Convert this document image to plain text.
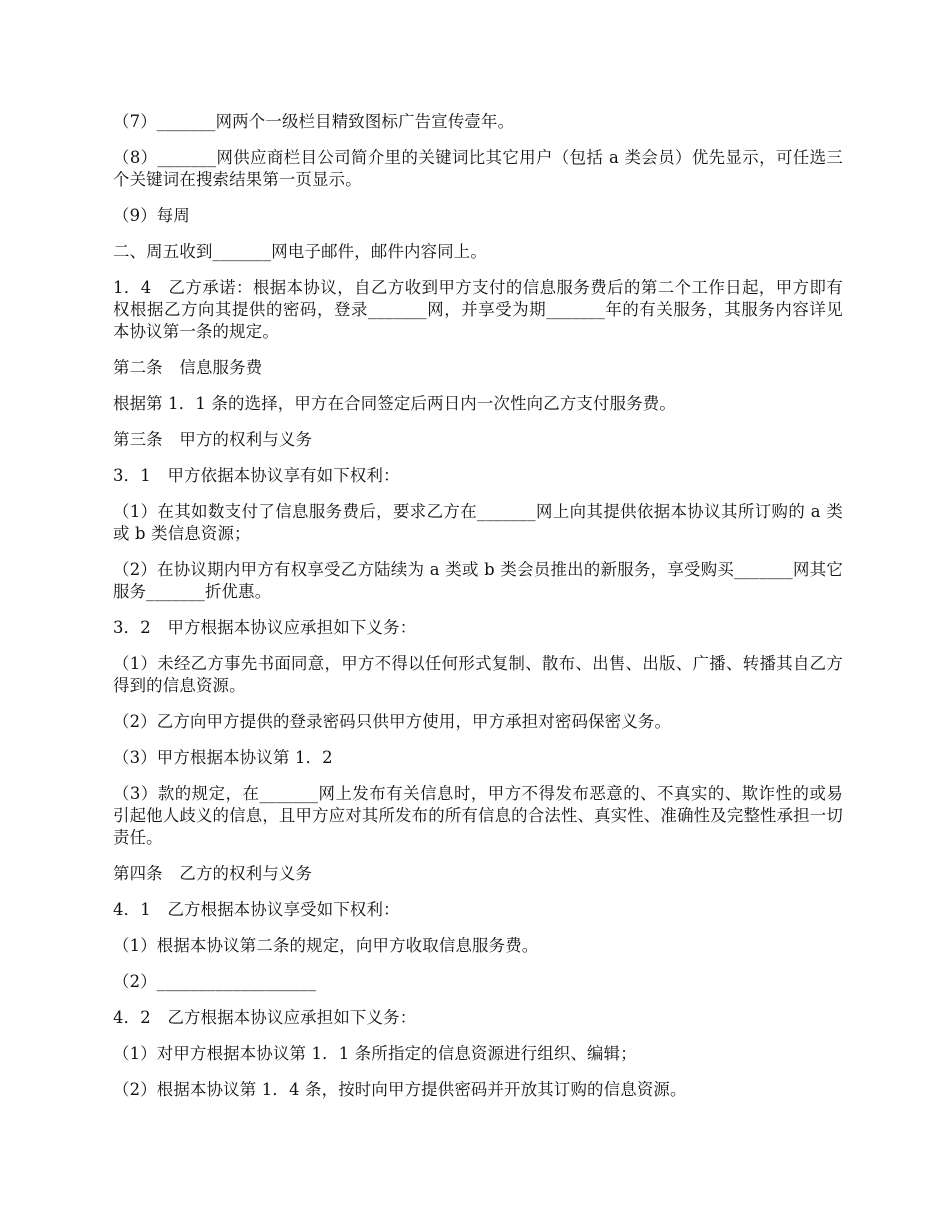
（7）_______网两个一级栏目精致图标广告宣传壹年。

（8）_______网供应商栏目公司简介里的关键词比其它用户（包括 a 类会员）优先显示，可任选三个关键词在搜索结果第一页显示。

（9）每周

二、周五收到_______网电子邮件，邮件内容同上。

1．4　乙方承诺：根据本协议，自乙方收到甲方支付的信息服务费后的第二个工作日起，甲方即有权根据乙方向其提供的密码，登录_______网，并享受为期_______年的有关服务，其服务内容详见本协议第一条的规定。

第二条　信息服务费

根据第 1．1 条的选择，甲方在合同签定后两日内一次性向乙方支付服务费。

第三条　甲方的权利与义务

3．1　甲方依据本协议享有如下权利：

（1）在其如数支付了信息服务费后，要求乙方在_______网上向其提供依据本协议其所订购的 a 类或 b 类信息资源；

（2）在协议期内甲方有权享受乙方陆续为 a 类或 b 类会员推出的新服务，享受购买_______网其它服务_______折优惠。

3．2　甲方根据本协议应承担如下义务：

（1）未经乙方事先书面同意，甲方不得以任何形式复制、散布、出售、出版、广播、转播其自乙方得到的信息资源。

（2）乙方向甲方提供的登录密码只供甲方使用，甲方承担对密码保密义务。

（3）甲方根据本协议第 1．2

（3）款的规定，在_______网上发布有关信息时，甲方不得发布恶意的、不真实的、欺诈性的或易引起他人歧义的信息，且甲方应对其所发布的所有信息的合法性、真实性、准确性及完整性承担一切责任。

第四条　乙方的权利与义务

4．1　乙方根据本协议享受如下权利：

（1）根据本协议第二条的规定，向甲方收取信息服务费。

（2）___________________

4．2　乙方根据本协议应承担如下义务：

（1）对甲方根据本协议第 1．1 条所指定的信息资源进行组织、编辑；

（2）根据本协议第 1．4 条，按时向甲方提供密码并开放其订购的信息资源。
